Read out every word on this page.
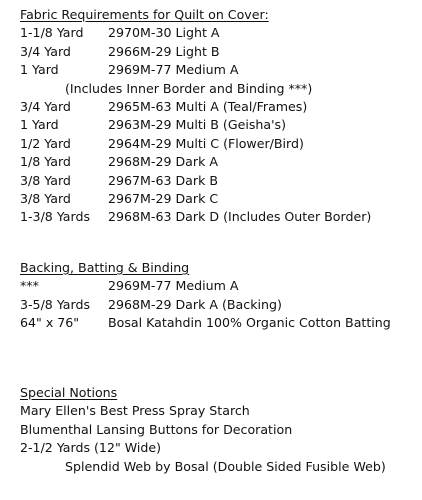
Fabric Requirements for Quilt on Cover:
1-1/8 Yard 2970M-30 Light A
3/4 Yard	2966M-29 Light B
1 Yard	2969M-77 Medium A
(Includes Inner Border and Binding ***)
3/4 Yard	2965M-63 Multi A (Teal/Frames)
1 Yard	2963M-29 Multi B (Geisha's)
1/2 Yard	2964M-29 Multi C (Flower/Bird)
1/8 Yard	2968M-29 Dark A
3/8 Yard	2967M-63 Dark B
3/8 Yard	2967M-29 Dark C
1-3/8 Yards 2968M-63 Dark D (Includes Outer Border)
Backing, Batting & Binding
***	2969M-77 Medium A
3-5/8 Yards 2968M-29 Dark A (Backing)
64" x 76" Bosal Katahdin 100% Organic Cotton Batting
Special Notions
Mary Ellen's Best Press Spray Starch
Blumenthal Lansing Buttons for Decoration
2-1/2 Yards (12" Wide)
Splendid Web by Bosal (Double Sided Fusible Web)
